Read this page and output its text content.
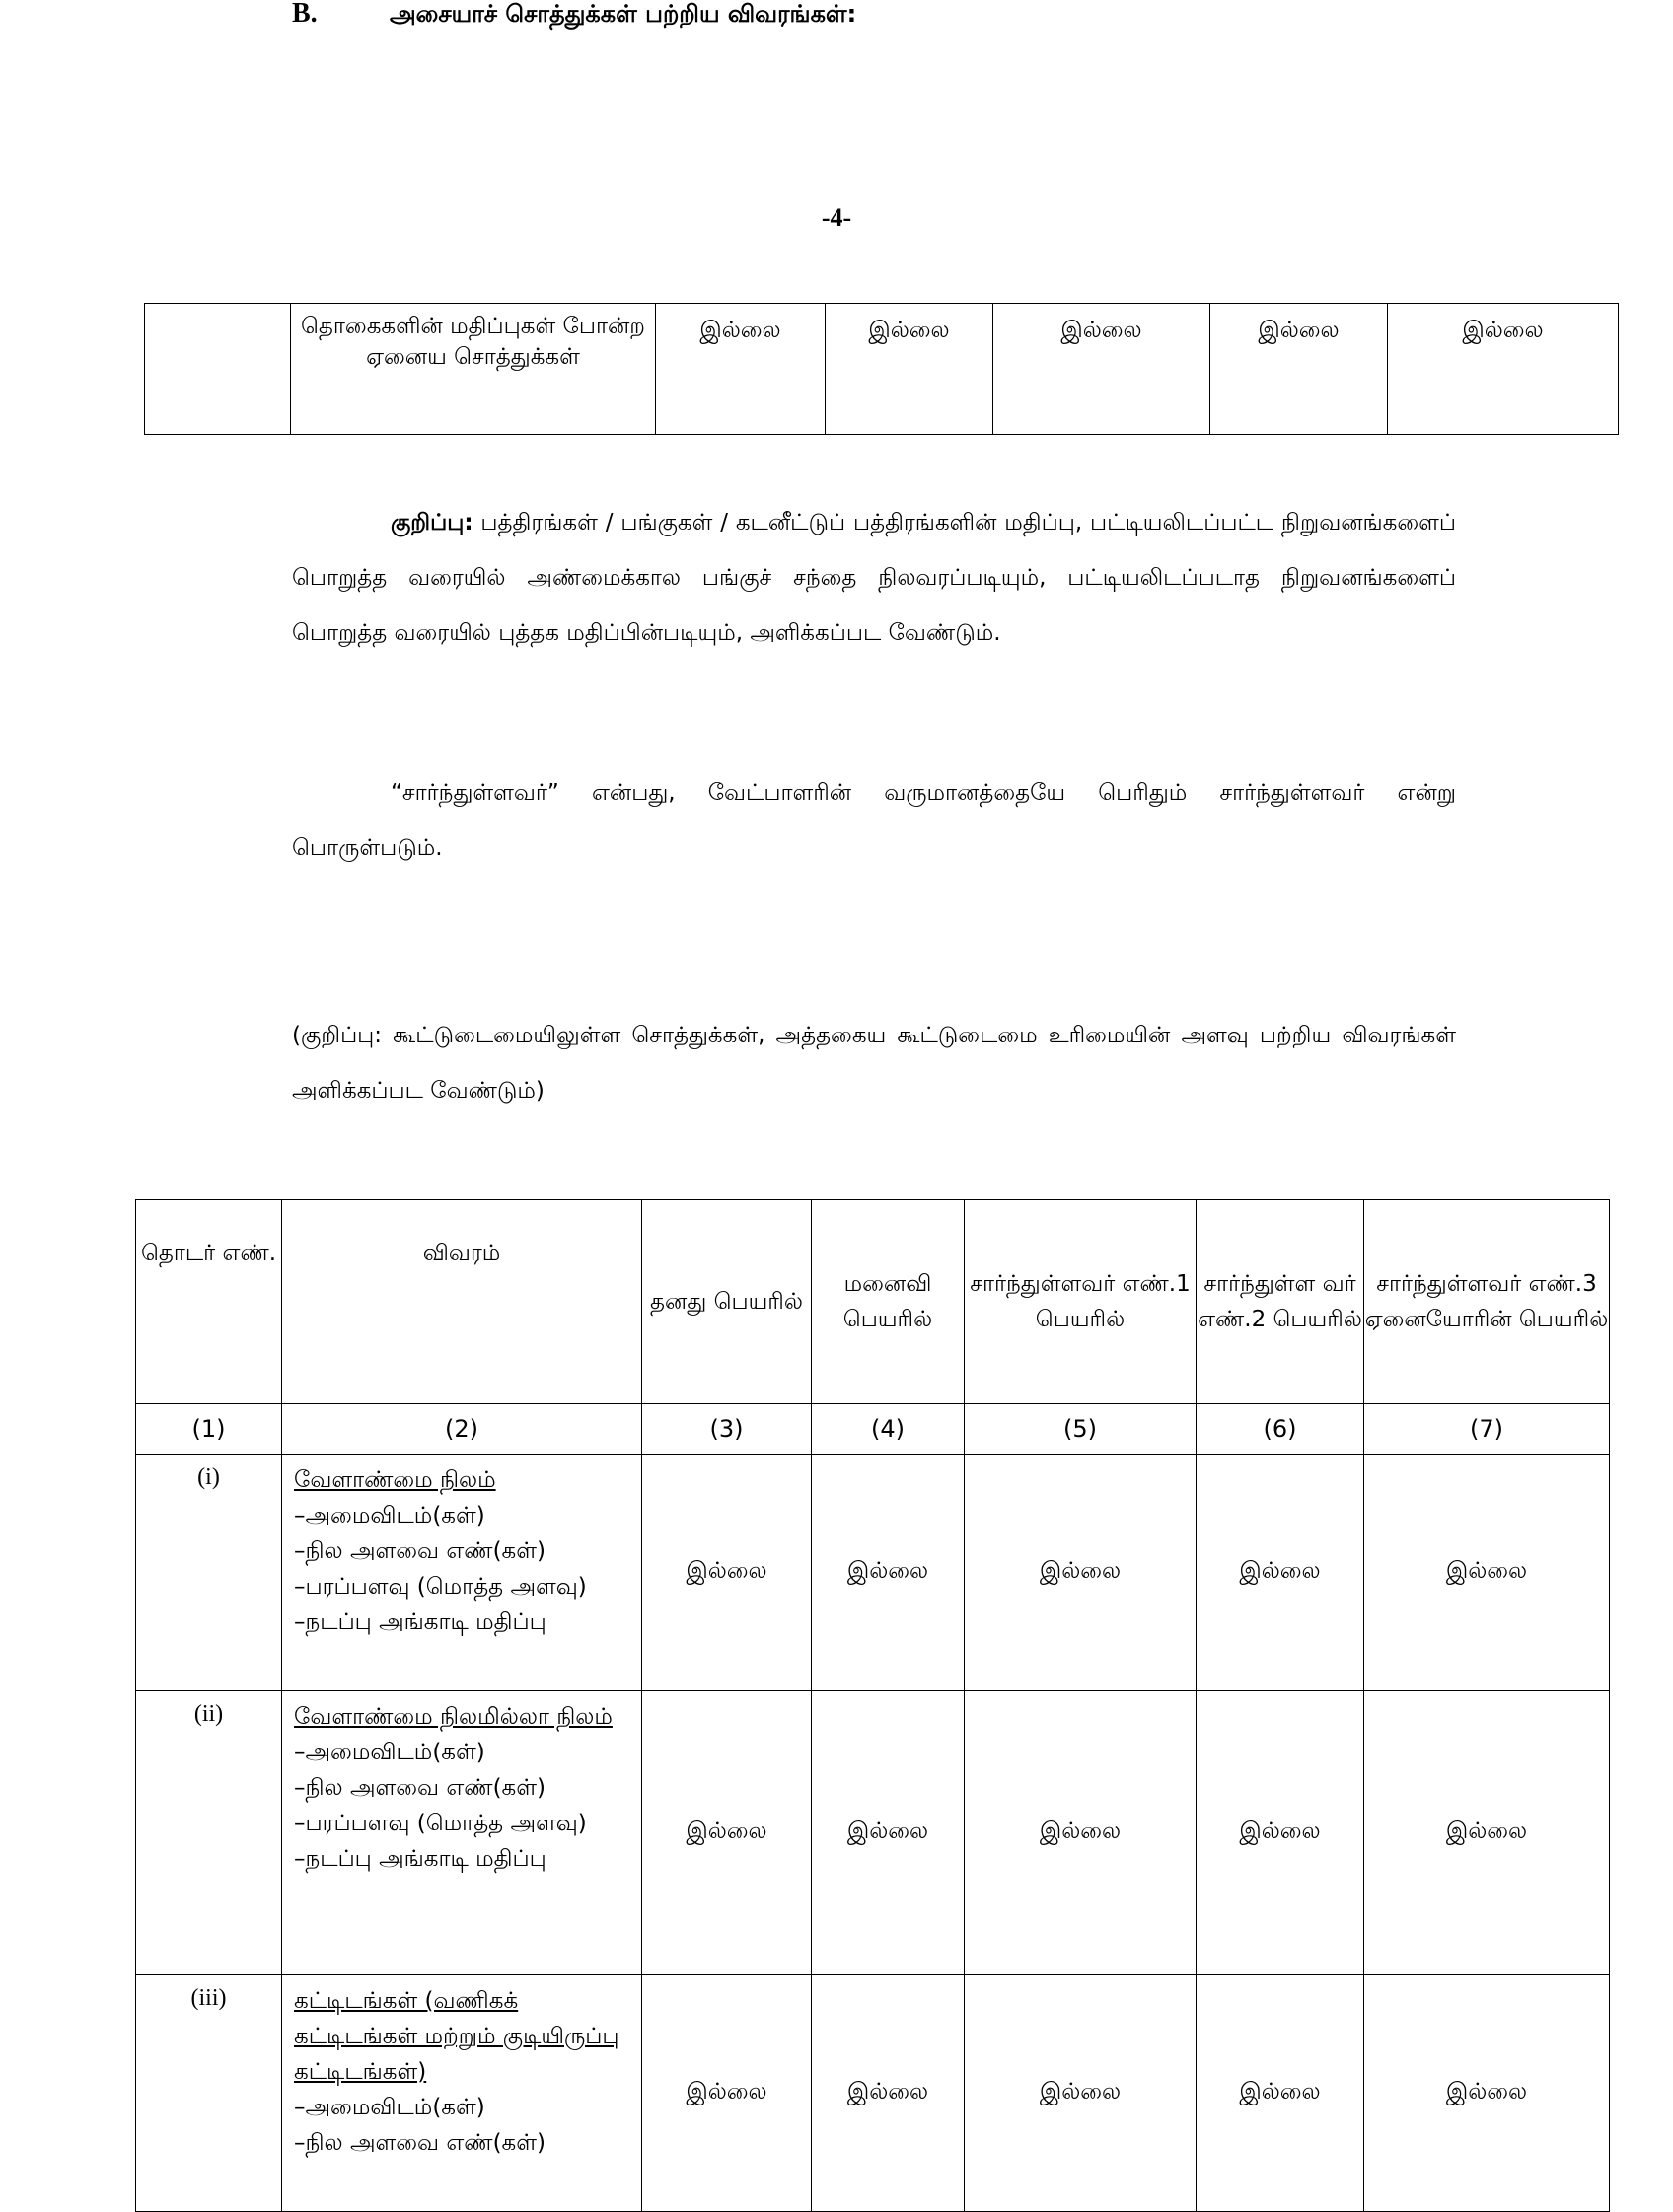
-4-
	தொகைகளின் மதிப்புகள் போன்ற ஏனைய சொத்துக்கள்	இல்லை	இல்லை	இல்லை	இல்லை	இல்லை
குறிப்பு: பத்திரங்கள் / பங்குகள் / கடனீட்டுப் பத்திரங்களின் மதிப்பு, பட்டியலிடப்பட்ட நிறுவனங்களைப் பொறுத்த வரையில் அண்மைக்கால பங்குச் சந்தை நிலவரப்படியும், பட்டியலிடப்படாத நிறுவனங்களைப் பொறுத்த வரையில் புத்தக மதிப்பின்படியும், அளிக்கப்பட வேண்டும்.
“சார்ந்துள்ளவர்” என்பது, வேட்பாளரின் வருமானத்தையே பெரிதும் சார்ந்துள்ளவர் என்று பொருள்படும்.
B.	அசையாச் சொத்துக்கள் பற்றிய விவரங்கள்:
(குறிப்பு: கூட்டுடைமையிலுள்ள சொத்துக்கள், அத்தகைய கூட்டுடைமை உரிமையின் அளவு பற்றிய விவரங்கள் அளிக்கப்பட வேண்டும்)
தொடர் எண்.	விவரம்	தனது பெயரில்	மனைவி பெயரில்	சார்ந்துள்ளவர் எண்.1 பெயரில்	சார்ந்துள்ள வர் எண்.2 பெயரில்	சார்ந்துள்ளவர் எண்.3 ஏனையோரின் பெயரில்
(1)	(2)	(3)	(4)	(5)	(6)	(7)
(i)	வேளாண்மை நிலம்
–அமைவிடம்(கள்)
–நில அளவை எண்(கள்)
–பரப்பளவு (மொத்த அளவு)
–நடப்பு அங்காடி மதிப்பு	இல்லை	இல்லை	இல்லை	இல்லை	இல்லை
(ii)	வேளாண்மை நிலமில்லா நிலம்
–அமைவிடம்(கள்)
–நில அளவை எண்(கள்)
–பரப்பளவு (மொத்த அளவு)
–நடப்பு அங்காடி மதிப்பு	இல்லை	இல்லை	இல்லை	இல்லை	இல்லை
(iii)	கட்டிடங்கள் (வணிகக் கட்டிடங்கள் மற்றும் குடியிருப்பு கட்டிடங்கள்)
–அமைவிடம்(கள்)
–நில அளவை எண்(கள்)	இல்லை	இல்லை	இல்லை	இல்லை	இல்லை
